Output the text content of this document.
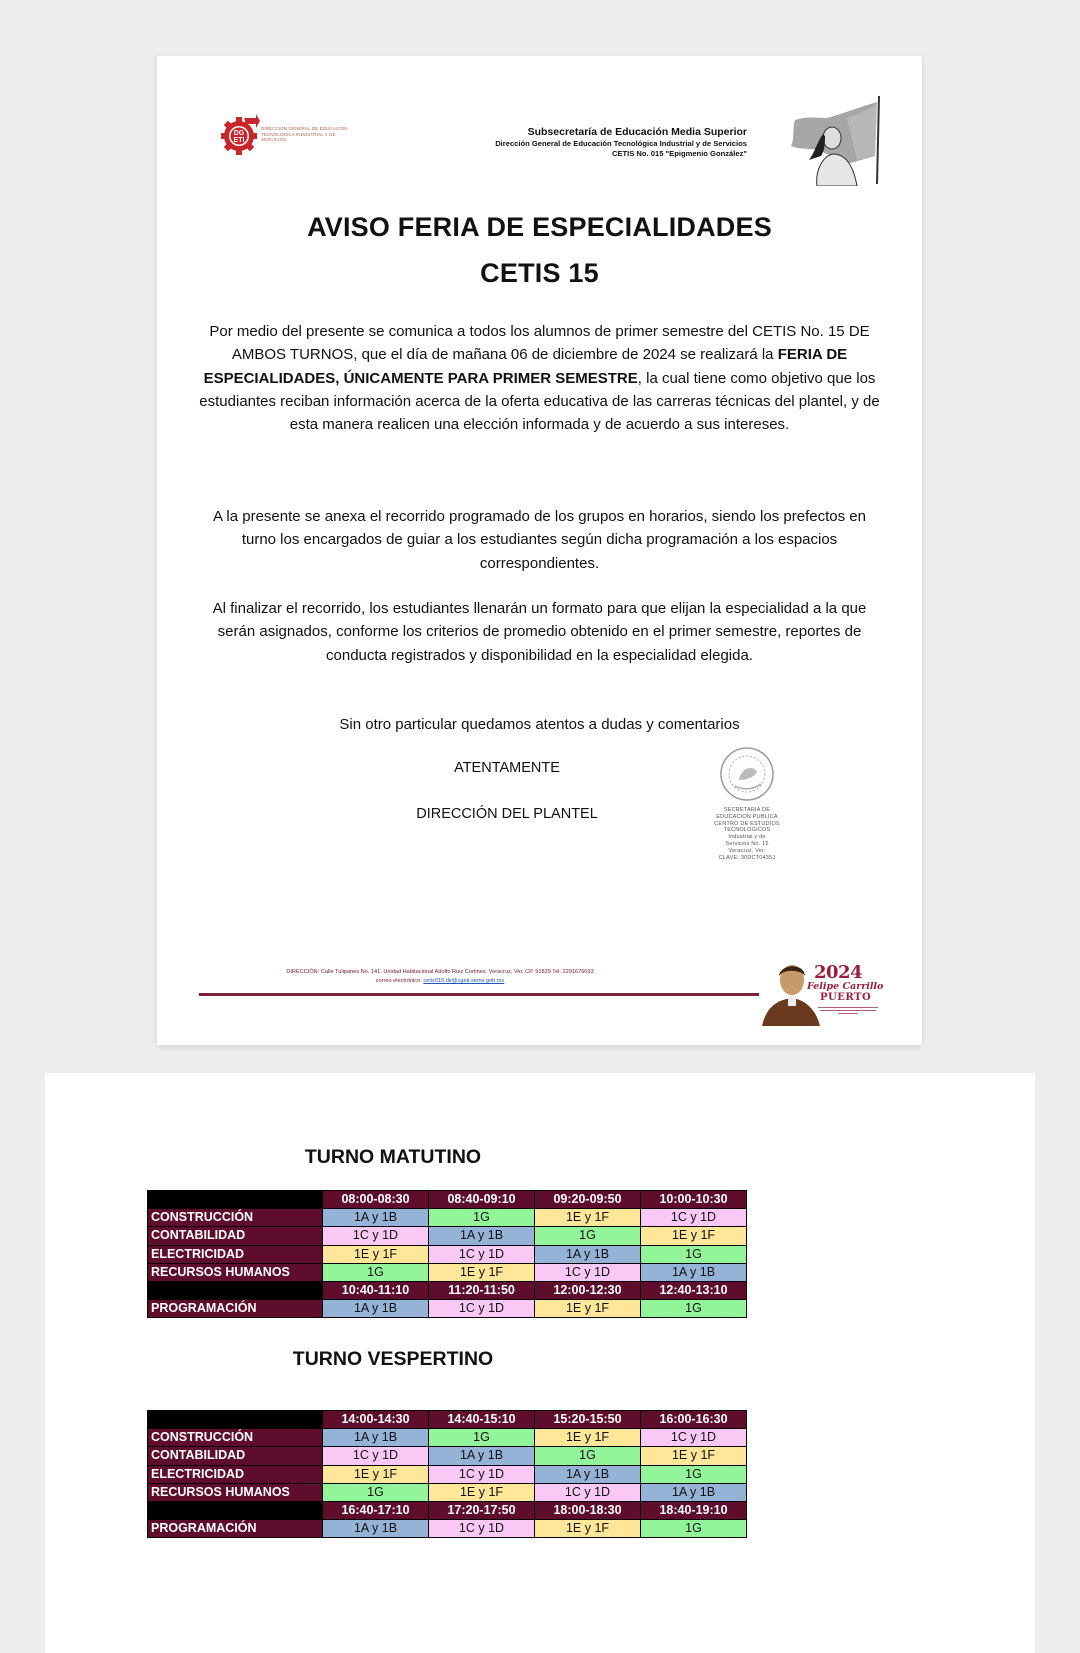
DG
ETI
DIRECCIÓN GENERAL DE EDUCACIÓN TECNOLÓGICA INDUSTRIAL Y DE SERVICIOS
Subsecretaría de Educación Media Superior
Dirección General de Educación Tecnológica Industrial y de Servicios
CETIS No. 015 "Epigmenio González"
AVISO FERIA DE ESPECIALIDADES
CETIS 15
Por medio del presente se comunica a todos los alumnos de primer semestre del CETIS No. 15 DE AMBOS TURNOS, que el día de mañana 06 de diciembre de 2024 se realizará la FERIA DE ESPECIALIDADES, ÚNICAMENTE PARA PRIMER SEMESTRE, la cual tiene como objetivo que los estudiantes reciban información acerca de la oferta educativa de las carreras técnicas del plantel, y de esta manera realicen una elección informada y de acuerdo a sus intereses.
A la presente se anexa el recorrido programado de los grupos en horarios, siendo los prefectos en turno los encargados de guiar a los estudiantes según dicha programación a los espacios correspondientes.
Al finalizar el recorrido, los estudiantes llenarán un formato para que elijan la especialidad a la que serán asignados, conforme los criterios de promedio obtenido en el primer semestre, reportes de conducta registrados y disponibilidad en la especialidad elegida.
Sin otro particular quedamos atentos a dudas y comentarios
ATENTAMENTE
DIRECCIÓN DEL PLANTEL	SECRETARIA DE
EDUCACION PUBLICA
CENTRO DE ESTUDIOS
TECNOLOGICOS
Industrial y de
Servicios No. 15
Veracruz, Ver.
CLAVE: 30DCT0435J
DIRECCIÓN: Calle Tulipanes No. 141. Unidad Habitacional Adolfo Ruiz Cortines. Veracruz, Ver. CP. 91829 Tel: 2291676693
correo electrónico: cetis015.dir@cgeti.sems.gob.mx	2024
Felipe Carrillo
PUERTO
TURNO MATUTINO
	08:00-08:30	08:40-09:10	09:20-09:50	10:00-10:30
CONSTRUCCIÓN	1A y 1B	1G	1E y 1F	1C y 1D
CONTABILIDAD	1C y 1D	1A y 1B	1G	1E y 1F
ELECTRICIDAD	1E y 1F	1C y 1D	1A y 1B	1G
RECURSOS HUMANOS	1G	1E y 1F	1C y 1D	1A y 1B
	10:40-11:10	11:20-11:50	12:00-12:30	12:40-13:10
PROGRAMACIÓN	1A y 1B	1C y 1D	1E y 1F	1G
TURNO VESPERTINO
	14:00-14:30	14:40-15:10	15:20-15:50	16:00-16:30
CONSTRUCCIÓN	1A y 1B	1G	1E y 1F	1C y 1D
CONTABILIDAD	1C y 1D	1A y 1B	1G	1E y 1F
ELECTRICIDAD	1E y 1F	1C y 1D	1A y 1B	1G
RECURSOS HUMANOS	1G	1E y 1F	1C y 1D	1A y 1B
	16:40-17:10	17:20-17:50	18:00-18:30	18:40-19:10
PROGRAMACIÓN	1A y 1B	1C y 1D	1E y 1F	1G
